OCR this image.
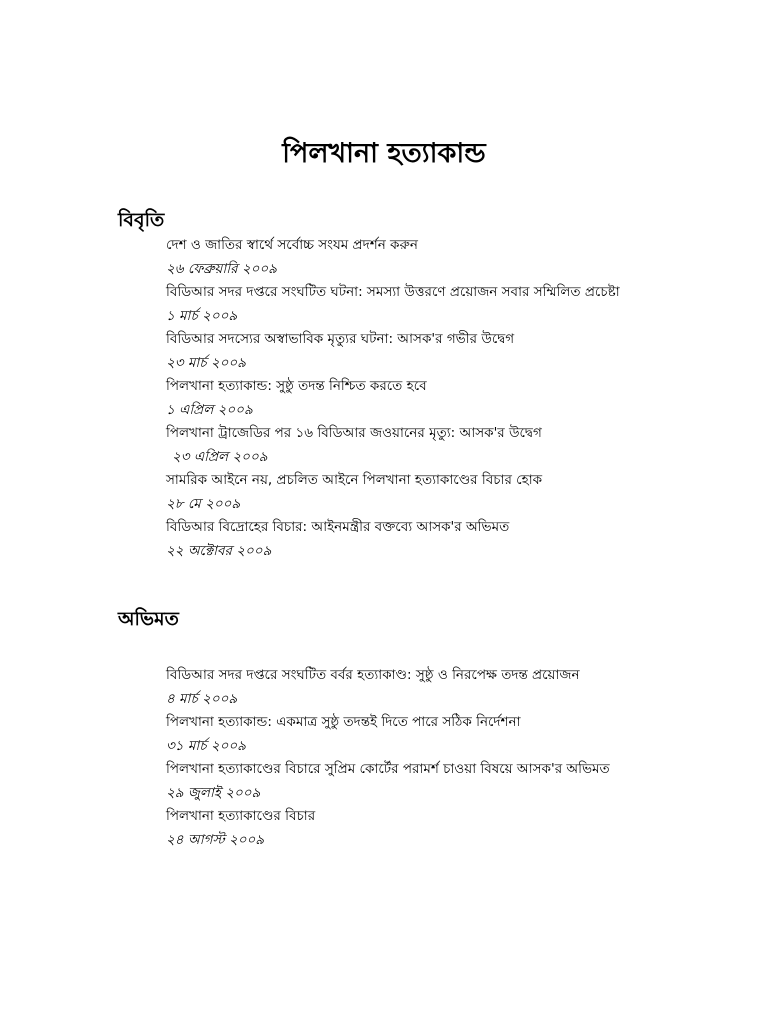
পিলখানা হত্যাকান্ড
বিবৃতি
দেশ ও জাতির স্বার্থে সর্বোচ্চ সংযম প্রদর্শন করুন
২৬ ফেব্রুয়ারি ২০০৯
বিডিআর সদর দপ্তরে সংঘটিত ঘটনা: সমস্যা উত্তরণে প্রয়োজন সবার সম্মিলিত প্রচেষ্টা
১ মার্চ ২০০৯
বিডিআর সদস্যের অস্বাভাবিক মৃত্যুর ঘটনা: আসক'র গভীর উদ্বেগ
২৩ মার্চ ২০০৯
পিলখানা হত্যাকান্ড: সুষ্ঠু তদন্ত নিশ্চিত করতে হবে
১ এপ্রিল ২০০৯
পিলখানা ট্রাজেডির পর ১৬ বিডিআর জওয়ানের মৃত্যু: আসক'র উদ্বেগ
২৩ এপ্রিল ২০০৯
সামরিক আইনে নয়, প্রচলিত আইনে পিলখানা হত্যাকাণ্ডের বিচার হোক
২৮ মে ২০০৯
বিডিআর বিদ্রোহের বিচার: আইনমন্ত্রীর বক্তব্যে আসক'র অভিমত
২২ অক্টোবর ২০০৯
অভিমত
বিডিআর সদর দপ্তরে সংঘটিত বর্বর হত্যাকাণ্ড: সুষ্ঠু ও নিরপেক্ষ তদন্ত প্রয়োজন
৪ মার্চ ২০০৯
পিলখানা হত্যাকান্ড: একমাত্র সুষ্ঠু তদন্তই দিতে পারে সঠিক নির্দেশনা
৩১ মার্চ ২০০৯
পিলখানা হত্যাকাণ্ডের বিচারে সুপ্রিম কোর্টের পরামর্শ চাওয়া বিষয়ে আসক'র অভিমত
২৯ জুলাই ২০০৯
পিলখানা হত্যাকাণ্ডের বিচার
২৪ আগস্ট ২০০৯
